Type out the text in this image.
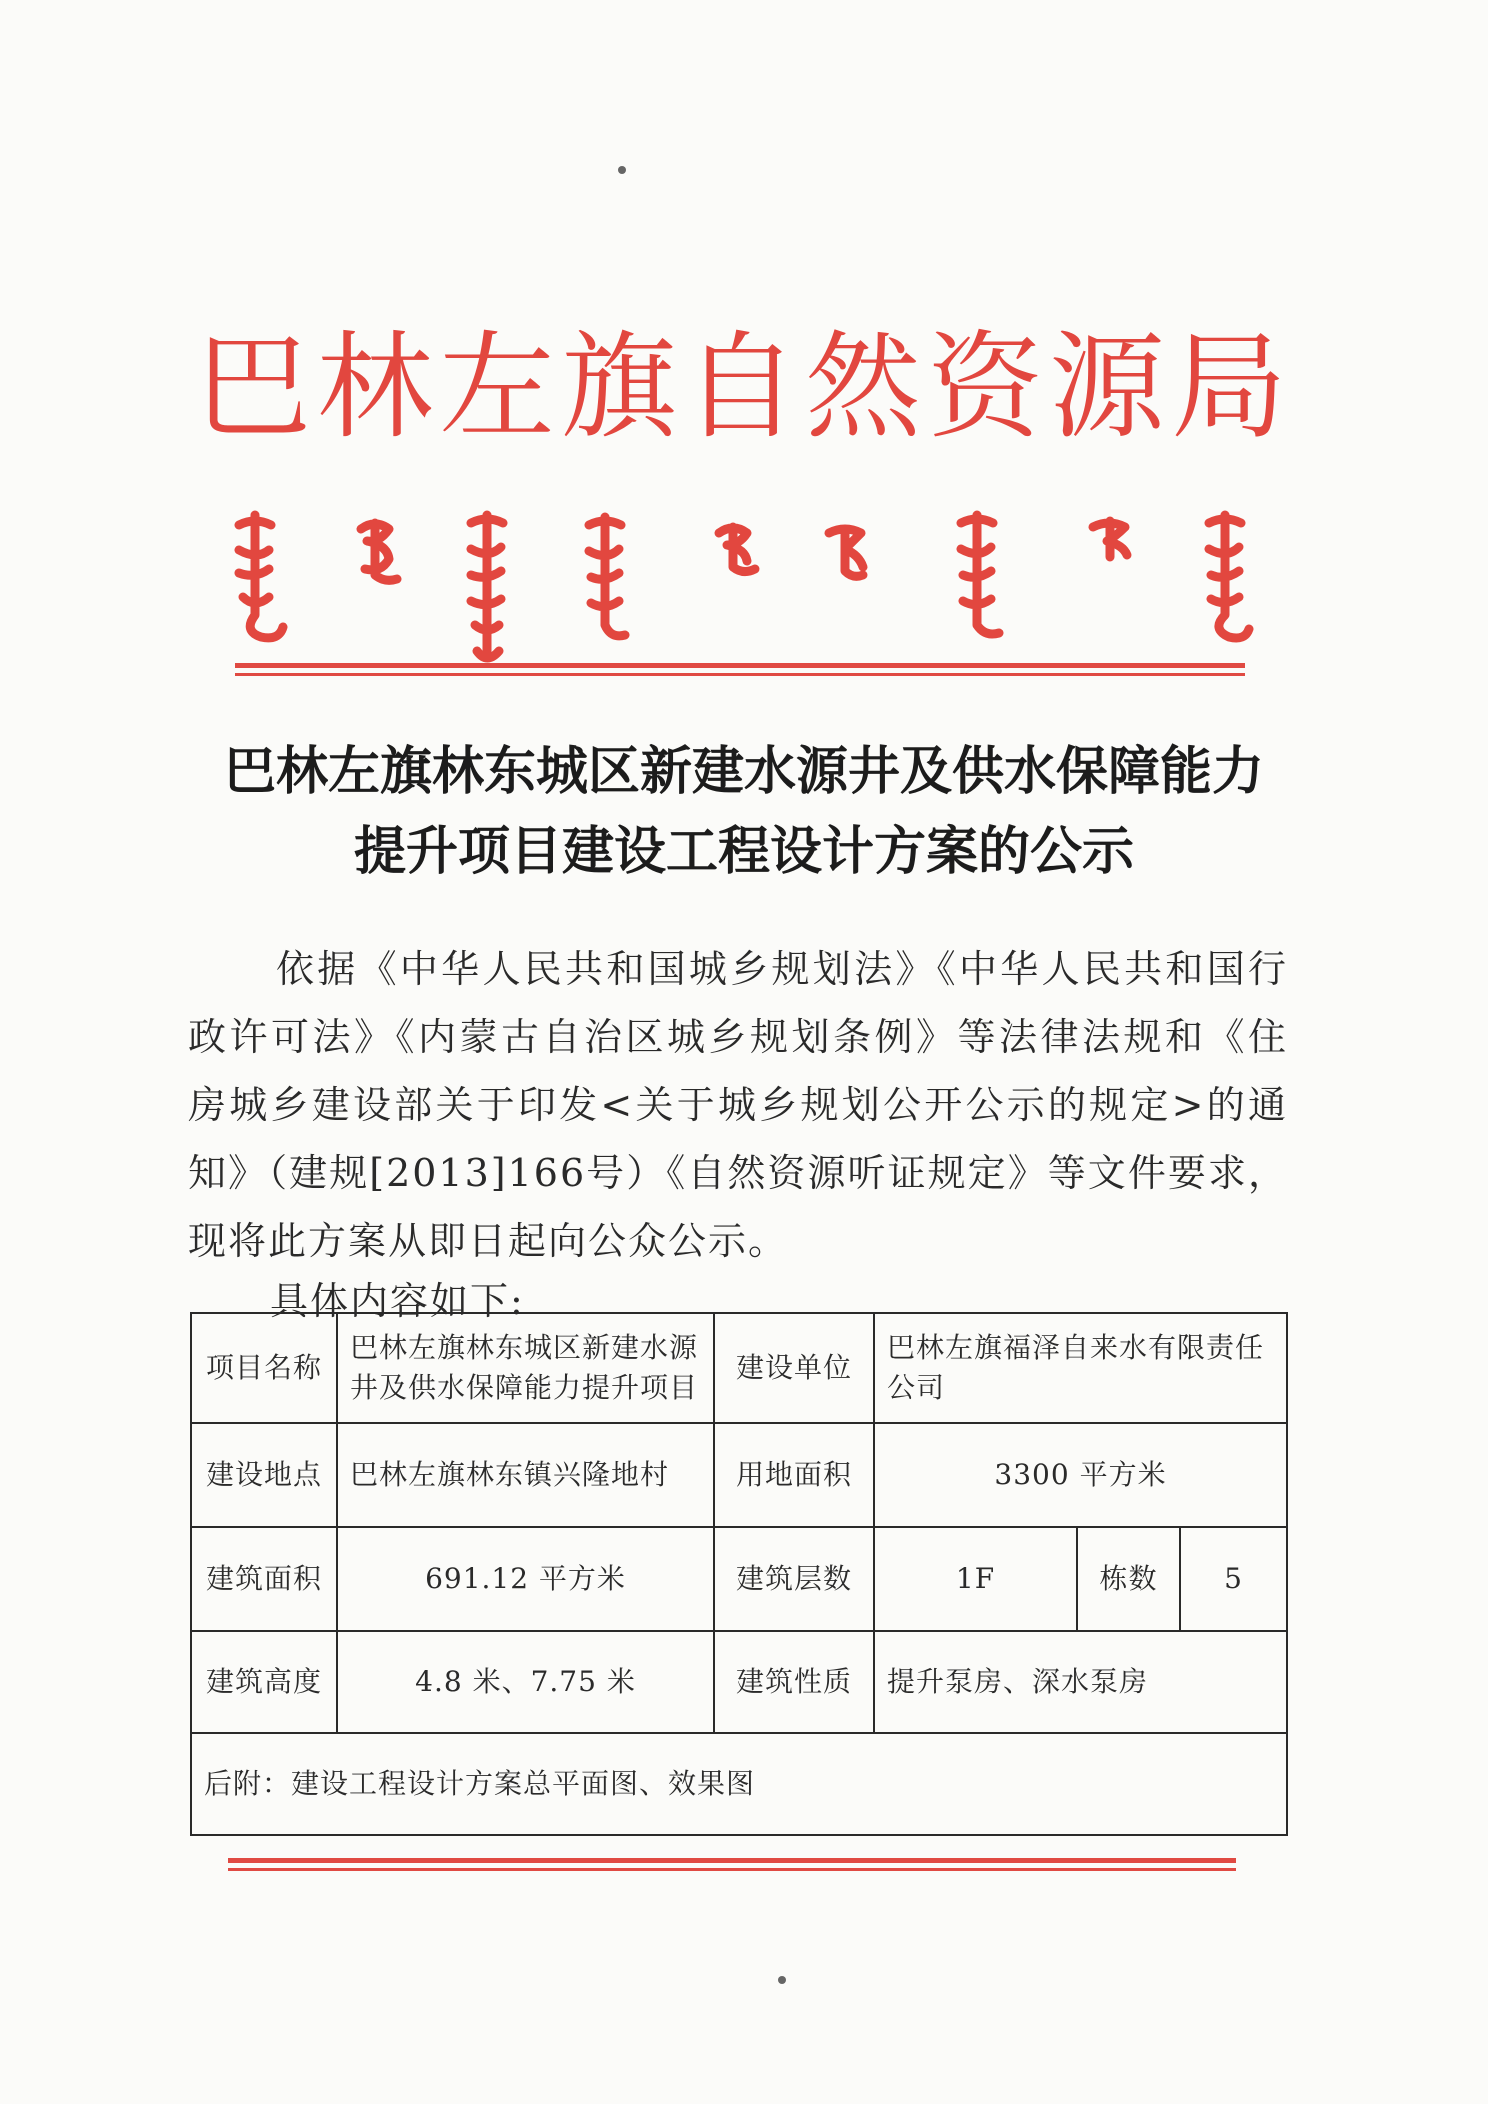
巴林左旗自然资源局
巴林左旗林东城区新建水源井及供水保障能力
提升项目建设工程设计方案的公示
依据《中华人民共和国城乡规划法》《中华人民共和国行政许可法》《内蒙古自治区城乡规划条例》等法律法规和《住房城乡建设部关于印发<关于城乡规划公开公示的规定>的通知》（建规[2013]166号）《自然资源听证规定》等文件要求，现将此方案从即日起向公众公示。
具体内容如下:
项目名称	巴林左旗林东城区新建水源井及供水保障能力提升项目	建设单位	巴林左旗福泽自来水有限责任公司		
建设地点	巴林左旗林东镇兴隆地村	用地面积	3300 平方米		
建筑面积	691.12 平方米	建筑层数	1F	栋数	5
建筑高度	4.8 米、7.75 米	建筑性质	提升泵房、深水泵房		
后附：建设工程设计方案总平面图、效果图					
